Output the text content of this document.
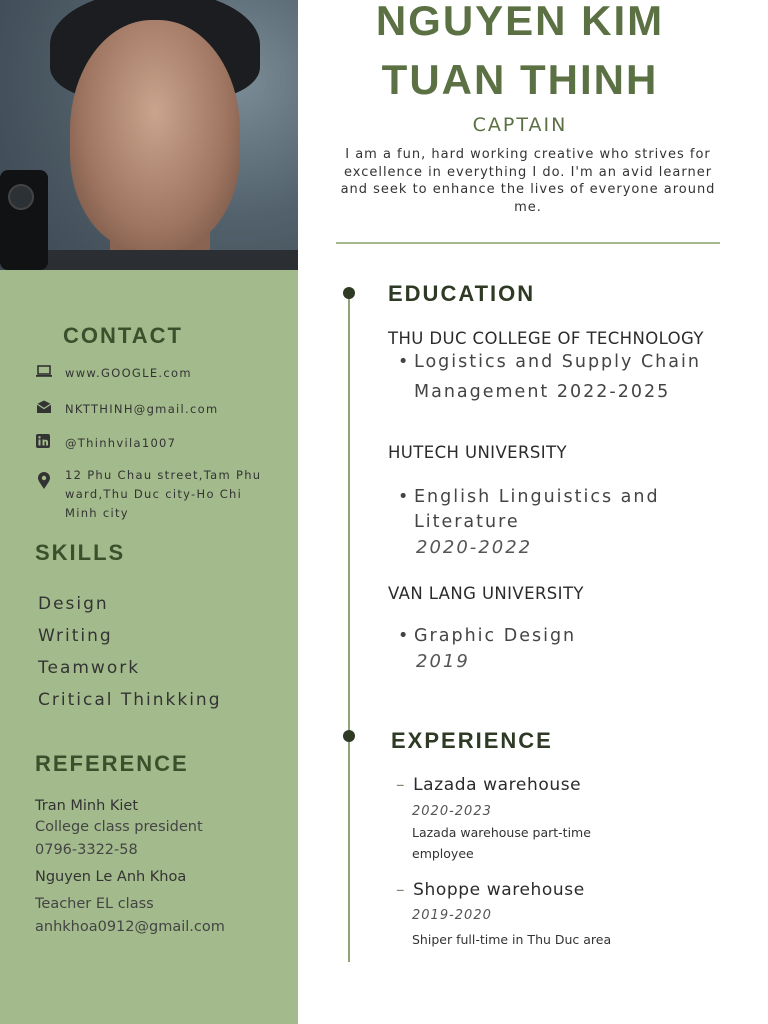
CONTACT
www.GOOGLE.com
NKTTHINH@gmail.com
@Thinhvila1007
12 Phu Chau street,Tam Phu
ward,Thu Duc city-Ho Chi
Minh city
SKILLS
Design
Writing
Teamwork
Critical Thinkking
REFERENCE
Tran Minh Kiet
College class president
0796-3322-58
Nguyen Le Anh Khoa
Teacher EL class
anhkhoa0912@gmail.com
NGUYEN KIM
TUAN THINH
CAPTAIN
I am a fun, hard working creative who strives for excellence in everything I do. I'm an avid learner and seek to enhance the lives of everyone around me.
EDUCATION
THU DUC COLLEGE OF TECHNOLOGY
• Logistics and Supply Chain
Management 2022-2025
HUTECH UNIVERSITY
• English Linguistics and
Literature
2020-2022
VAN LANG UNIVERSITY
• Graphic Design
2019
EXPERIENCE
– Lazada warehouse
2020-2023
Lazada warehouse part-time
employee
– Shoppe warehouse
2019-2020
Shiper full-time in Thu Duc area
